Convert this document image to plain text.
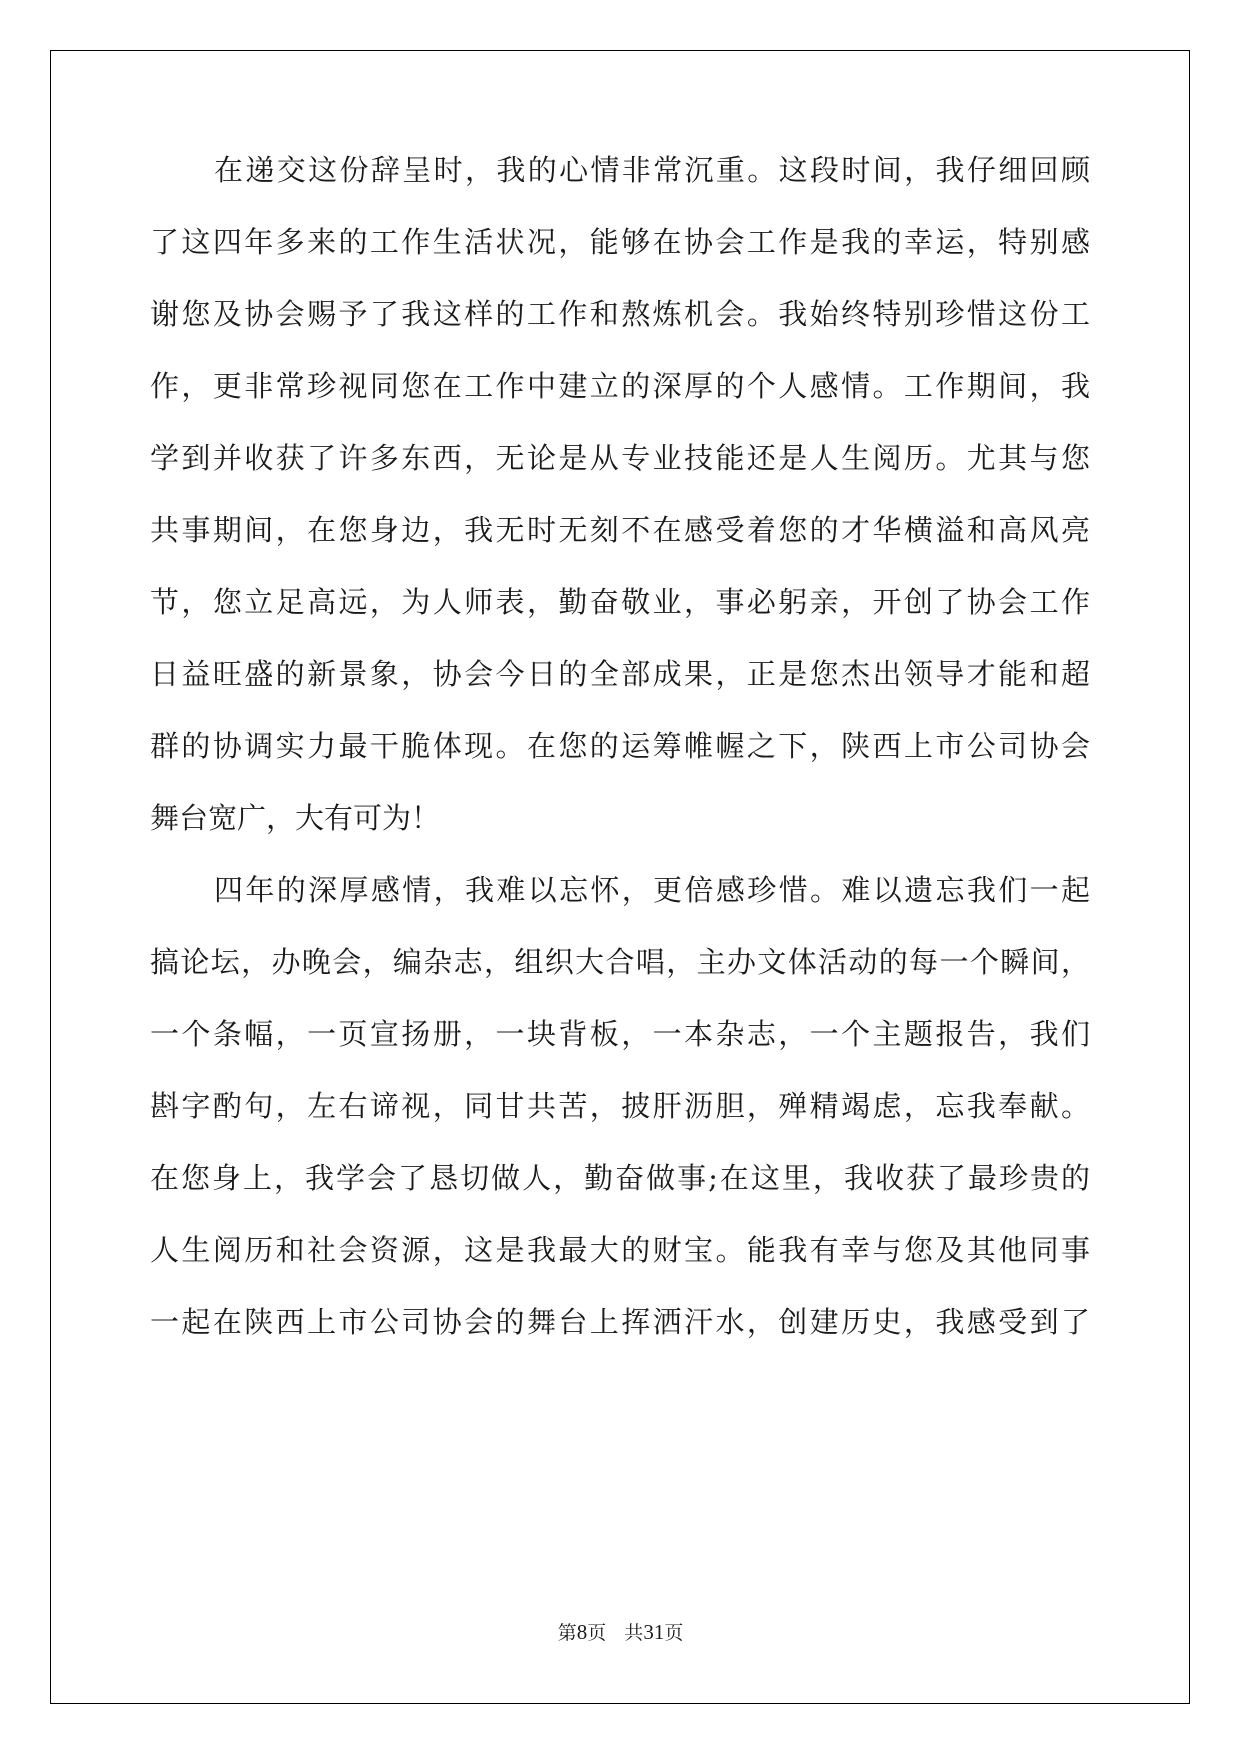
在递交这份辞呈时，我的心情非常沉重。这段时间，我仔细回顾
了这四年多来的工作生活状况，能够在协会工作是我的幸运，特别感
谢您及协会赐予了我这样的工作和熬炼机会。我始终特别珍惜这份工
作，更非常珍视同您在工作中建立的深厚的个人感情。工作期间，我
学到并收获了许多东西，无论是从专业技能还是人生阅历。尤其与您
共事期间，在您身边，我无时无刻不在感受着您的才华横溢和高风亮
节，您立足高远，为人师表，勤奋敬业，事必躬亲，开创了协会工作
日益旺盛的新景象，协会今日的全部成果，正是您杰出领导才能和超
群的协调实力最干脆体现。在您的运筹帷幄之下，陕西上市公司协会
舞台宽广，大有可为！
四年的深厚感情，我难以忘怀，更倍感珍惜。难以遗忘我们一起
搞论坛，办晚会，编杂志，组织大合唱，主办文体活动的每一个瞬间，
一个条幅，一页宣扬册，一块背板，一本杂志，一个主题报告，我们
斟字酌句，左右谛视，同甘共苦，披肝沥胆，殚精竭虑，忘我奉献。
在您身上，我学会了恳切做人，勤奋做事;在这里，我收获了最珍贵的
人生阅历和社会资源，这是我最大的财宝。能我有幸与您及其他同事
一起在陕西上市公司协会的舞台上挥洒汗水，创建历史，我感受到了
第8页   共31页
